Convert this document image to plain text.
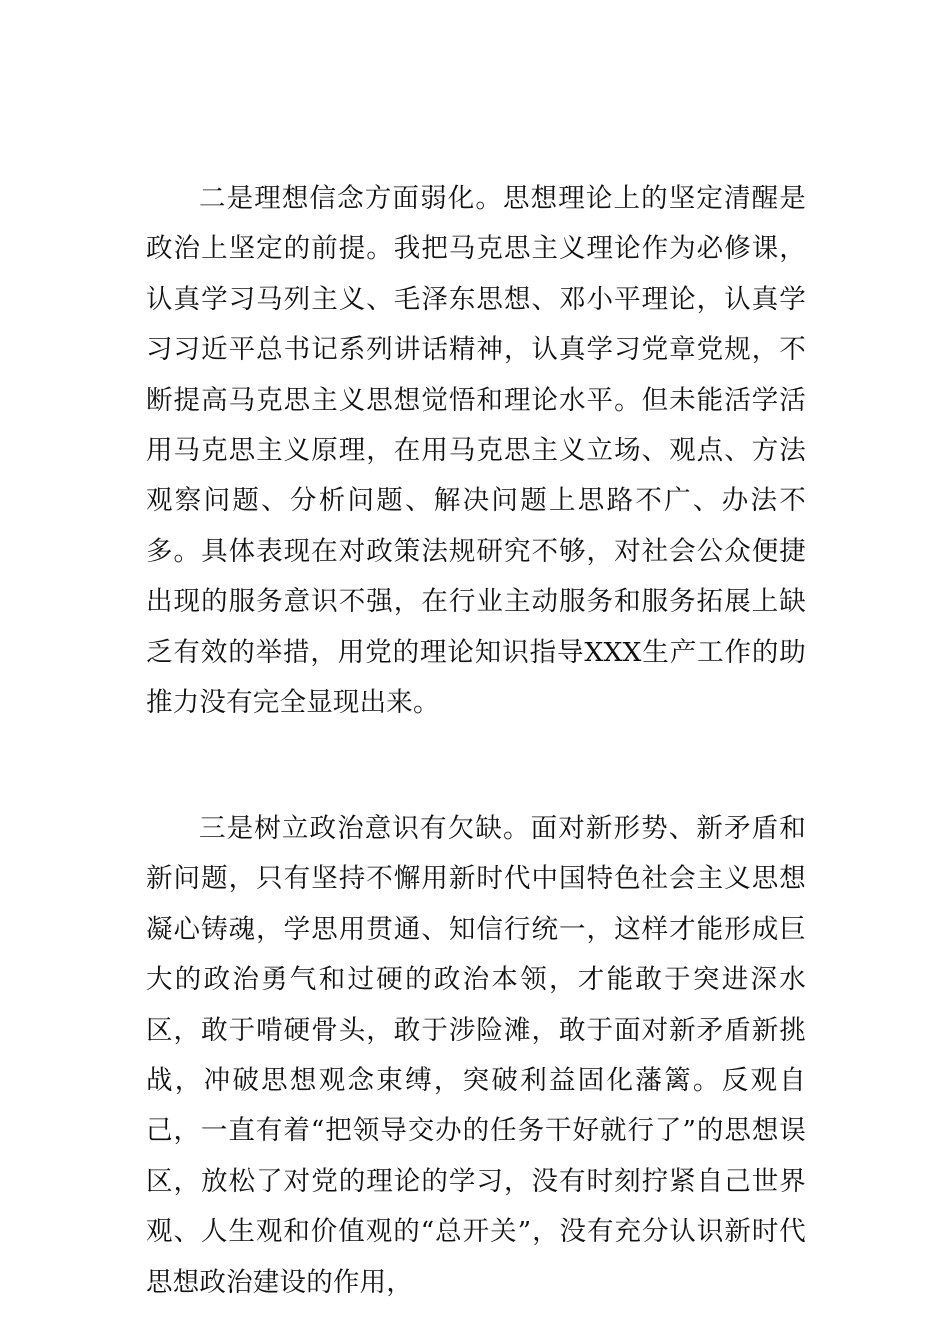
二是理想信念方面弱化。思想理论上的坚定清醒是政治上坚定的前提。我把马克思主义理论作为必修课，认真学习马列主义、毛泽东思想、邓小平理论，认真学习习近平总书记系列讲话精神，认真学习党章党规，不断提高马克思主义思想觉悟和理论水平。但未能活学活用马克思主义原理，在用马克思主义立场、观点、方法观察问题、分析问题、解决问题上思路不广、办法不多。具体表现在对政策法规研究不够，对社会公众便捷出现的服务意识不强，在行业主动服务和服务拓展上缺乏有效的举措，用党的理论知识指导XXX生产工作的助推力没有完全显现出来。

三是树立政治意识有欠缺。面对新形势、新矛盾和新问题，只有坚持不懈用新时代中国特色社会主义思想凝心铸魂，学思用贯通、知信行统一，这样才能形成巨大的政治勇气和过硬的政治本领，才能敢于突进深水区，敢于啃硬骨头，敢于涉险滩，敢于面对新矛盾新挑战，冲破思想观念束缚，突破利益固化藩篱。反观自己，一直有着“把领导交办的任务干好就行了”的思想误区，放松了对党的理论的学习，没有时刻拧紧自己世界观、人生观和价值观的“总开关”，没有充分认识新时代思想政治建设的作用，
